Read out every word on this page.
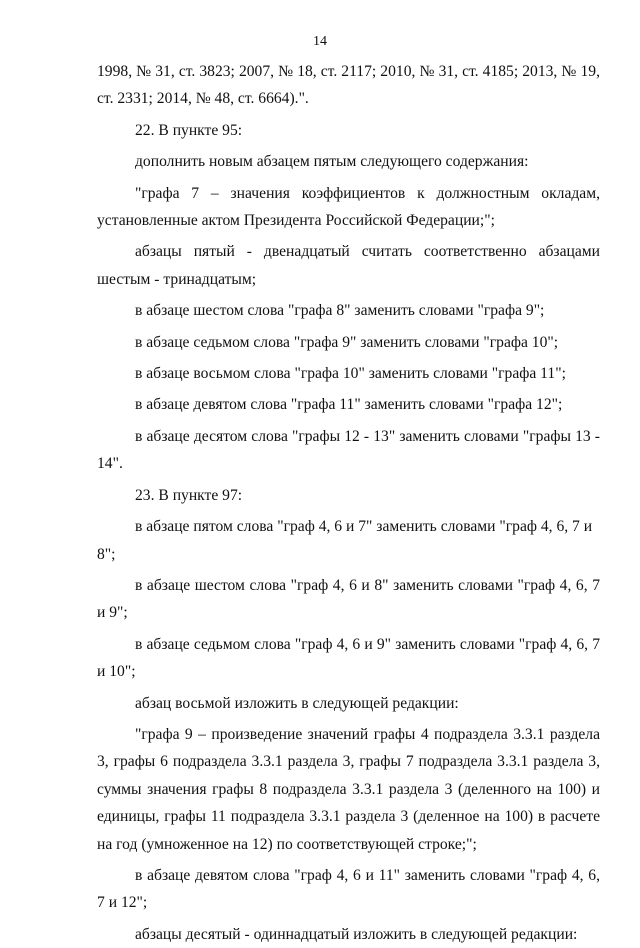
14

1998, № 31, ст. 3823; 2007, № 18, ст. 2117; 2010, № 31, ст. 4185; 2013, № 19, ст. 2331; 2014, № 48, ст. 6664).".

22. В пункте 95:

дополнить новым абзацем пятым следующего содержания:

"графа 7 – значения коэффициентов к должностным окладам, установленные актом Президента Российской Федерации;";

абзацы пятый - двенадцатый считать соответственно абзацами шестым - тринадцатым;

в абзаце шестом слова "графа 8" заменить словами "графа 9";

в абзаце седьмом слова "графа 9" заменить словами "графа 10";

в абзаце восьмом слова "графа 10" заменить словами "графа 11";

в абзаце девятом слова "графа 11" заменить словами "графа 12";

в абзаце десятом слова "графы 12 - 13" заменить словами "графы 13 - 14".

23. В пункте 97:

в абзаце пятом слова "граф 4, 6 и 7" заменить словами "граф 4, 6, 7 и 8";

в абзаце шестом слова "граф 4, 6 и 8" заменить словами "граф 4, 6, 7 и 9";

в абзаце седьмом слова "граф 4, 6 и 9" заменить словами "граф 4, 6, 7 и 10";

абзац восьмой изложить в следующей редакции:

"графа 9 – произведение значений графы 4 подраздела 3.3.1 раздела 3, графы 6 подраздела 3.3.1 раздела 3, графы 7 подраздела 3.3.1 раздела 3, суммы значения графы 8 подраздела 3.3.1 раздела 3 (деленного на 100) и единицы, графы 11 подраздела 3.3.1 раздела 3 (деленное на 100) в расчете на год (умноженное на 12) по соответствующей строке;";

в абзаце девятом слова "граф 4, 6 и 11" заменить словами "граф 4, 6, 7 и 12";

абзацы десятый - одиннадцатый изложить в следующей редакции:
